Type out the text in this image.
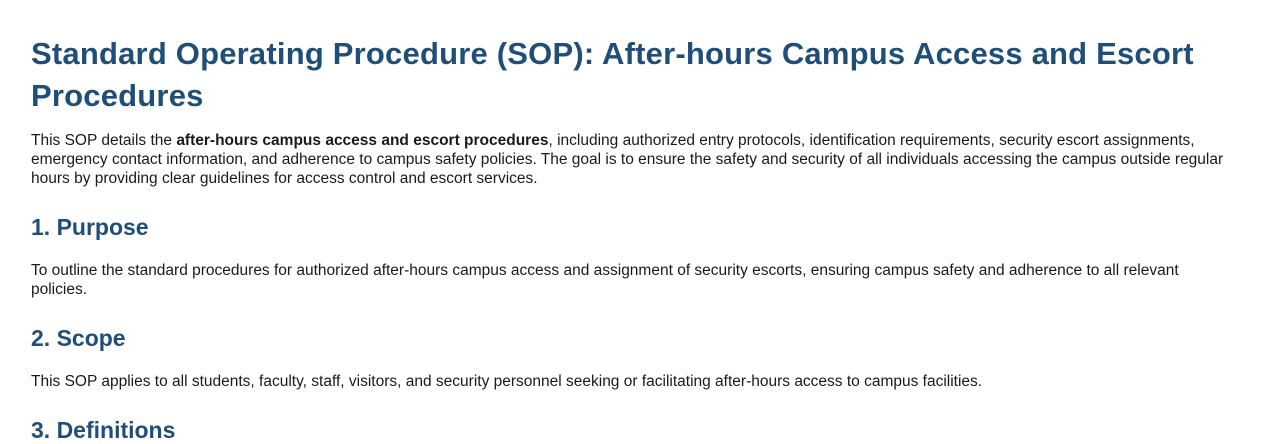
Standard Operating Procedure (SOP): After-hours Campus Access and Escort Procedures

This SOP details the after-hours campus access and escort procedures, including authorized entry protocols, identification requirements, security escort assignments, emergency contact information, and adherence to campus safety policies. The goal is to ensure the safety and security of all individuals accessing the campus outside regular hours by providing clear guidelines for access control and escort services.

1. Purpose

To outline the standard procedures for authorized after-hours campus access and assignment of security escorts, ensuring campus safety and adherence to all relevant policies.

2. Scope

This SOP applies to all students, faculty, staff, visitors, and security personnel seeking or facilitating after-hours access to campus facilities.

3. Definitions
